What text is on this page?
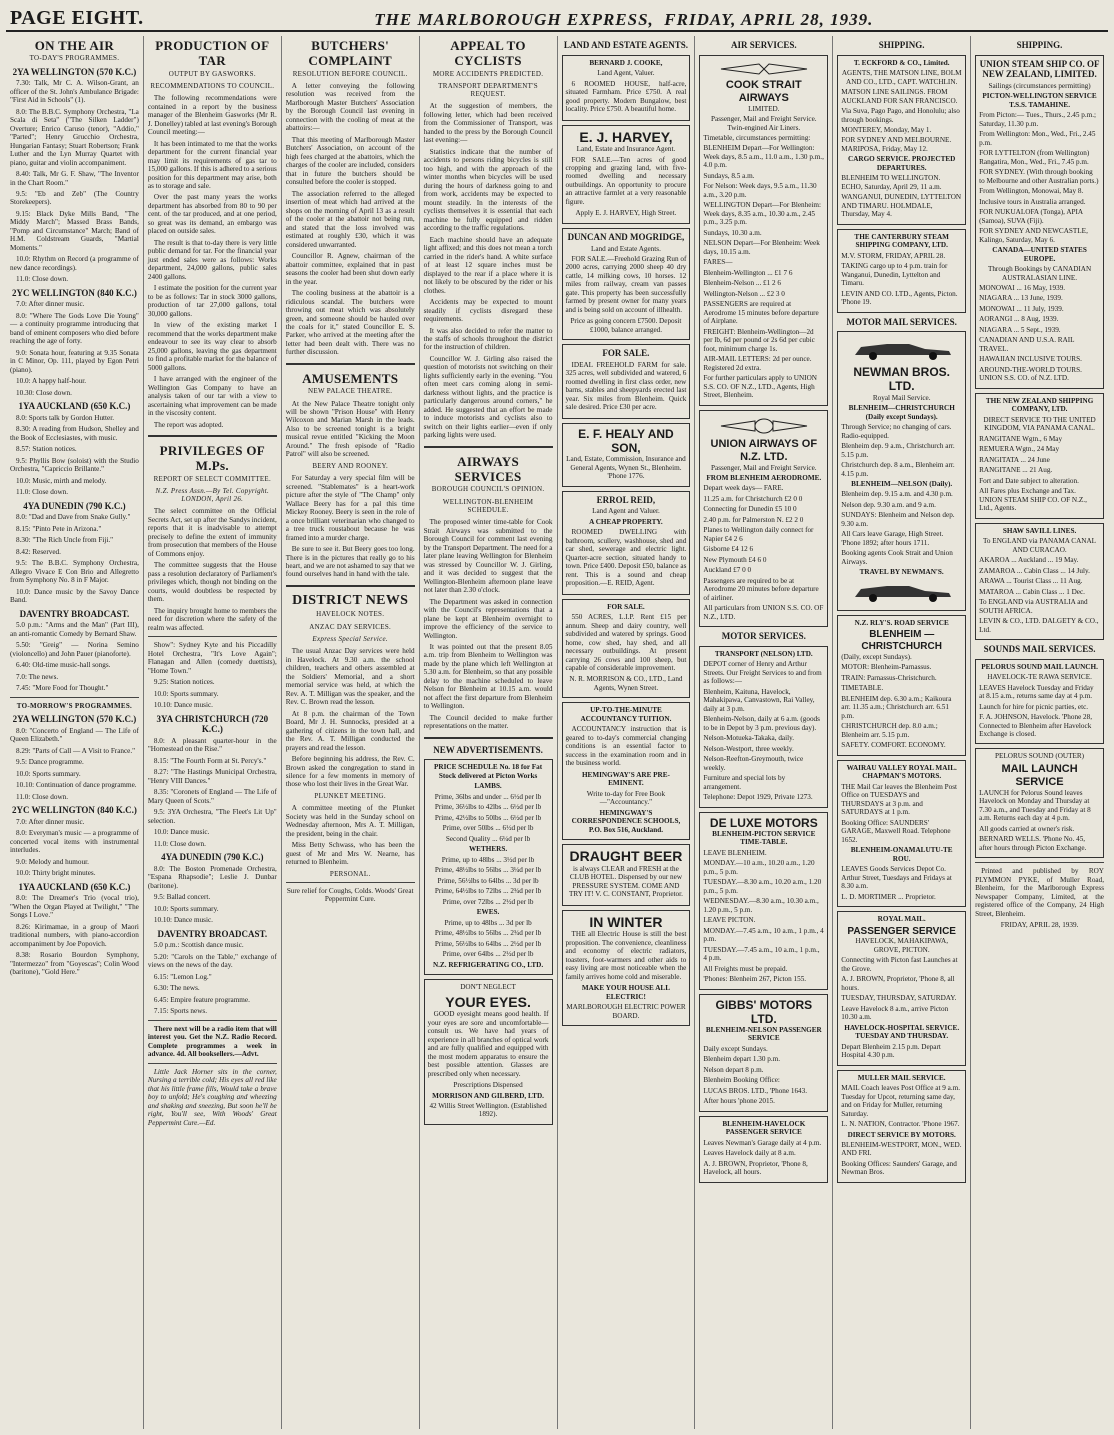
PAGE EIGHT.	THE MARLBOROUGH EXPRESS, FRIDAY, APRIL 28, 1939.
ON THE AIR
TO-DAY'S PROGRAMMES.
2YA WELLINGTON (570 K.C.)
7.30: Talk, Mr C. A. Wilson-Grant, an officer of the St. John's Ambulance Brigade: "First Aid in Schools" (1).
8.0: The B.B.C. Symphony Orchestra, "La Scala di Seta" ("The Silken Ladder") Overture; Enrico Caruso (tenor), "Addio," "Parted"; Henry Grucchio Orchestra, Hungarian Fantasy; Stuart Robertson; Frank Luther and the Lyn Murray Quartet with piano, guitar and violin accompaniment.
8.40: Talk, Mr G. F. Shaw, "The Inventor in the Chart Room."
9.5: "Eb and Zeb" (The Country Storekeepers).
9.15: Black Dyke Mills Band, "The Middy March"; Massed Brass Bands, "Pomp and Circumstance" March; Band of H.M. Coldstream Guards, "Martial Moments."
10.0: Rhythm on Record (a programme of new dance recordings).
11.0: Close down.
2YC WELLINGTON (840 K.C.)
7.0: After dinner music.
8.0: "Where The Gods Love Die Young" — a continuity programme introducing that band of eminent composers who died before reaching the age of forty.
9.0: Sonata hour, featuring at 9.35 Sonata in C Minor, Op. 111, played by Egon Petri (piano).
10.0: A happy half-hour.
10.30: Close down.
1YA AUCKLAND (650 K.C.)
8.0: Sports talk by Gordon Hutter.
8.30: A reading from Hudson, Shelley and the Book of Ecclesiastes, with music.
8.57: Station notices.
9.5: Phyllis Bow (soloist) with the Studio Orchestra, "Capriccio Brillante."
10.0: Music, mirth and melody.
11.0: Close down.
4YA DUNEDIN (790 K.C.)
8.0: "Dad and Dave from Snake Gully."
8.15: "Pinto Pete in Arizona."
8.30: "The Rich Uncle from Fiji."
8.42: Reserved.
9.5: The B.B.C. Symphony Orchestra, Allegro Vivace E Con Brio and Allegretto from Symphony No. 8 in F Major.
10.0: Dance music by the Savoy Dance Band.
DAVENTRY BROADCAST.
5.0 p.m.: "Arms and the Man" (Part III), an anti-romantic Comedy by Bernard Shaw.
5.50: "Greig" — Norina Semino (violoncello) and John Pauer (pianoforte).
6.40: Old-time music-hall songs.
7.0: The news.
7.45: "More Food for Thought."
TO-MORROW'S PROGRAMMES.
2YA WELLINGTON (570 K.C.)
8.0: "Concerto of England — The Life of Queen Elizabeth."
8.29: "Parts of Call — A Visit to France."
9.5: Dance programme.
10.0: Sports summary.
10.10: Continuation of dance programme.
11.0: Close down.
2YC WELLINGTON (840 K.C.)
7.0: After dinner music.
8.0: Everyman's music — a programme of concerted vocal items with instrumental interludes.
9.0: Melody and humour.
10.0: Thirty bright minutes.
1YA AUCKLAND (650 K.C.)
8.0: The Dreamer's Trio (vocal trio), "When the Organ Played at Twilight," "The Songs I Love."
8.26: Kirimamae, in a group of Maori traditional numbers, with piano-accordion accompaniment by Joe Popovich.
8.38: Rosario Bourdon Symphony, "Intermezzo" from "Goyescas"; Colin Wood (baritone), "Gold Here."
PRODUCTION OF TAR
OUTPUT BY GASWORKS.
RECOMMENDATIONS TO COUNCIL.
The following recommendations were contained in a report by the business manager of the Blenheim Gasworks (Mr R. J. Donelley) tabled at last evening's Borough Council meeting:—
It has been intimated to me that the works department for the current financial year may limit its requirements of gas tar to 15,000 gallons. If this is adhered to a serious position for this department may arise, both as to storage and sale.
Over the past many years the works department has absorbed from 80 to 90 per cent. of the tar produced, and at one period, so great was its demand, an embargo was placed on outside sales.
The result is that to-day there is very little public demand for tar. For the financial year just ended sales were as follows: Works department, 24,000 gallons, public sales 2400 gallons.
I estimate the position for the current year to be as follows: Tar in stock 3000 gallons, production of tar 27,000 gallons, total 30,000 gallons.
In view of the existing market I recommend that the works department make endeavour to see its way clear to absorb 25,000 gallons, leaving the gas department to find a profitable market for the balance of 5000 gallons.
I have arranged with the engineer of the Wellington Gas Company to have an analysis taken of our tar with a view to ascertaining what improvement can be made in the viscosity content.
The report was adopted.
PRIVILEGES OF M.Ps.
REPORT OF SELECT COMMITTEE.
N.Z. Press Assn.—By Tel. Copyright. LONDON, April 26.
The select committee on the Official Secrets Act, set up after the Sandys incident, reports that it is inadvisable to attempt precisely to define the extent of immunity from prosecution that members of the House of Commons enjoy.
The committee suggests that the House pass a resolution declaratory of Parliament's privileges which, though not binding on the courts, would doubtless be respected by them.
The inquiry brought home to members the need for discretion where the safety of the realm was affected.
Show": Sydney Kyte and his Piccadilly Hotel Orchestra, "It's Love Again"; Flanagan and Allen (comedy duettists), "Home Town."
9.25: Station notices.
10.0: Sports summary.
10.10: Dance music.
3YA CHRISTCHURCH (720 K.C.)
8.0: A pleasant quarter-hour in the "Homestead on the Rise."
8.15: "The Fourth Form at St. Percy's."
8.27: "The Hastings Municipal Orchestra, "Henry VIII Dances."
8.35: "Coronets of England — The Life of Mary Queen of Scots."
9.5: 3YA Orchestra, "The Fleet's Lit Up" selection.
10.0: Dance music.
11.0: Close down.
4YA DUNEDIN (790 K.C.)
8.0: The Boston Promenade Orchestra, "Espana Rhapsodie"; Leslie J. Dunbar (baritone).
9.5: Ballad concert.
10.0: Sports summary.
10.10: Dance music.
DAVENTRY BROADCAST.
5.0 p.m.: Scottish dance music.
5.20: "Carols on the Table," exchange of views on the news of the day.
6.15: "Lemon Log."
6.30: The news.
6.45: Empire feature programme.
7.15: Sports news.
There next will be a radio item that will interest you. Get the N.Z. Radio Record. Complete programmes a week in advance. 4d. All booksellers.—Advt.
Little Jack Horner sits in the corner, Nursing a terrible cold; His eyes all red like that his little frame fills, Would take a brave boy to unfold; He's coughing and wheezing and shaking and sneezing, But soon he'll be right, You'll see, With Woods' Great Peppermint Cure.—Ed.
BUTCHERS' COMPLAINT
RESOLUTION BEFORE COUNCIL.
A letter conveying the following resolution was received from the Marlborough Master Butchers' Association by the Borough Council last evening in connection with the cooling of meat at the abattoirs:—
That this meeting of Marlborough Master Butchers' Association, on account of the high fees charged at the abattoirs, which the charges of the cooler are included, considers that in future the butchers should be consulted before the cooler is stopped.
The association referred to the alleged insertion of meat which had arrived at the shops on the morning of April 13 as a result of the cooler at the abattoir not being run, and stated that the loss involved was estimated at roughly £30, which it was considered unwarranted.
Councillor R. Agnew, chairman of the abattoir committee, explained that in past seasons the cooler had been shut down early in the year.
The cooling business at the abattoir is a ridiculous scandal. The butchers were throwing out meat which was absolutely green, and someone should be hauled over the coals for it," stated Councillor E. S. Parker, who arrived at the meeting after the letter had been dealt with. There was no further discussion.
AMUSEMENTS
NEW PALACE THEATRE.
At the New Palace Theatre tonight only will be shown "Prison House" with Henry Wilcoxon and Marian Marsh in the leads. Also to be screened tonight is a bright musical revue entitled "Kicking the Moon Around." The fresh episode of "Radio Patrol" will also be screened.
BEERY AND ROONEY.
For Saturday a very special film will be screened. "Stablemates" is a heart-work picture after the style of "The Champ" only Wallace Beery has for a pal this time Mickey Rooney. Beery is seen in the role of a once brilliant veterinarian who changed to a tree truck roustabout because he was framed into a murder charge.
Be sure to see it. But Beery goes too long. There is in the pictures that really go to his heart, and we are not ashamed to say that we found ourselves hand in hand with the tale.
DISTRICT NEWS
HAVELOCK NOTES.
ANZAC DAY SERVICES.
Express Special Service.
The usual Anzac Day services were held in Havelock. At 9.30 a.m. the school children, teachers and others assembled at the Soldiers' Memorial, and a short memorial service was held, at which the Rev. A. T. Milligan was the speaker, and the Rev. C. Brown read the lesson.
At 8 p.m. the chairman of the Town Board, Mr J. H. Sunnocks, presided at a gathering of citizens in the town hall, and the Rev. A. T. Milligan conducted the prayers and read the lesson.
Before beginning his address, the Rev. C. Brown asked the congregation to stand in silence for a few moments in memory of those who lost their lives in the Great War.
PLUNKET MEETING.
A committee meeting of the Plunket Society was held in the Sunday school on Wednesday afternoon, Mrs A. T. Milligan, the president, being in the chair.
Miss Betty Schwass, who has been the guest of Mr and Mrs W. Nearne, has returned to Blenheim.
PERSONAL.
Sure relief for Coughs, Colds. Woods' Great Peppermint Cure.
APPEAL TO CYCLISTS
MORE ACCIDENTS PREDICTED.
TRANSPORT DEPARTMENT'S REQUEST.
At the suggestion of members, the following letter, which had been received from the Commissioner of Transport, was handed to the press by the Borough Council last evening:—
Statistics indicate that the number of accidents to persons riding bicycles is still too high, and with the approach of the winter months when bicycles will be used during the hours of darkness going to and from work, accidents may be expected to mount steadily. In the interests of the cyclists themselves it is essential that each machine be fully equipped and ridden according to the traffic regulations.
Each machine should have an adequate light affixed; and this does not mean a torch carried in the rider's hand. A white surface of at least 12 square inches must be displayed to the rear if a place where it is not likely to be obscured by the rider or his clothes.
Accidents may be expected to mount steadily if cyclists disregard these requirements.
It was also decided to refer the matter to the staffs of schools throughout the district for the instruction of children.
Councillor W. J. Girling also raised the question of motorists not switching on their lights sufficiently early in the evening. "You often meet cars coming along in semi-darkness without lights, and the practice is particularly dangerous around corners," he added. He suggested that an effort be made to induce motorists and cyclists also to switch on their lights earlier—even if only parking lights were used.
AIRWAYS SERVICES
BOROUGH COUNCIL'S OPINION.
WELLINGTON-BLENHEIM SCHEDULE.
The proposed winter time-table for Cook Strait Airways was submitted to the Borough Council for comment last evening by the Transport Department. The need for a later plane leaving Wellington for Blenheim was stressed by Councillor W. J. Girling, and it was decided to suggest that the Wellington-Blenheim afternoon plane leave not later than 2.30 o'clock.
The Department was asked in connection with the Council's representations that a plane be kept at Blenheim overnight to improve the efficiency of the service to Wellington.
It was pointed out that the present 8.05 a.m. trip from Blenheim to Wellington was made by the plane which left Wellington at 5.30 a.m. for Blenheim, so that any possible delay to the machine scheduled to leave Nelson for Blenheim at 10.15 a.m. would not affect the first departure from Blenheim to Wellington.
The Council decided to make further representations on the matter.
NEW ADVERTISEMENTS.
PRICE SCHEDULE No. 18 for Fat Stock delivered at Picton Works
LAMBS.
Prime, 36lbs and under ... 6½d per lb
Prime, 36½lbs to 42lbs ... 6½d per lb
Prime, 42½lbs to 50lbs ... 6½d per lb
Prime, over 50lbs ... 6½d per lb
Second Quality ... 6¼d per lb
WETHERS.
Prime, up to 48lbs ... 3½d per lb
Prime, 48½lbs to 56lbs ... 3¼d per lb
Prime, 56½lbs to 64lbs ... 3d per lb
Prime, 64½lbs to 72lbs ... 2¾d per lb
Prime, over 72lbs ... 2½d per lb
EWES.
Prime, up to 48lbs ... 3d per lb
Prime, 48½lbs to 56lbs ... 2¾d per lb
Prime, 56½lbs to 64lbs ... 2½d per lb
Prime, over 64lbs ... 2½d per lb
N.Z. REFRIGERATING CO., LTD.
DON'T NEGLECT
YOUR EYES.
GOOD eyesight means good health. If your eyes are sore and uncomfortable—consult us. We have had years of experience in all branches of optical work and are fully qualified and equipped with the most modern apparatus to ensure the best possible attention. Glasses are prescribed only when necessary.
Prescriptions Dispensed
MORRISON AND GILBERD, LTD.
42 Willis Street Wellington. (Established 1892).
LAND AND ESTATE AGENTS.
BERNARD J. COOKE,
Land Agent, Valuer.
6 ROOMED HOUSE, half-acre, situated Farmham. Price £750. A real good property. Modern Bungalow, best locality. Price £750. A beautiful home.
E. J. HARVEY,
Land, Estate and Insurance Agent.
FOR SALE.—Ten acres of good cropping and grazing land, with five-roomed dwelling and necessary outbuildings. An opportunity to procure an attractive farmlet at a very reasonable figure.
Apply E. J. HARVEY, High Street.
DUNCAN AND MOGRIDGE,
Land and Estate Agents.
FOR SALE.—Freehold Grazing Run of 2000 acres, carrying 2000 sheep 40 dry cattle, 14 milking cows, 10 horses. 12 miles from railway, cream van passes gate. This property has been successfully farmed by present owner for many years and is being sold on account of illhealth.
Price as going concern £7500. Deposit £1000, balance arranged.
FOR SALE.
IDEAL FREEHOLD FARM for sale. 325 acres, well subdivided and watered, 6 roomed dwelling in first class order, new barns, stables and sheepyards erected last year. Six miles from Blenheim. Quick sale desired. Price £30 per acre.
E. F. HEALY AND SON,
Land, Estate, Commission, Insurance and General Agents, Wynen St., Blenheim. 'Phone 1776.
ERROL REID,
Land Agent and Valuer.
A CHEAP PROPERTY.
ROOMED DWELLING with bathroom, scullery, washhouse, shed and car shed, sewerage and electric light. Quarter-acre section, situated handy to town. Price £400. Deposit £50, balance as rent. This is a sound and cheap proposition.—E. REID, Agent.
FOR SALE.
550 ACRES, L.I.P. Rent £15 per annum. Sheep and dairy country, well subdivided and watered by springs. Good home, cow shed, hay shed, and all necessary outbuildings. At present carrying 26 cows and 100 sheep, but capable of considerable improvement.
N. R. MORRISON & CO., LTD., Land Agents, Wynen Street.
UP-TO-THE-MINUTE ACCOUNTANCY TUITION.
ACCOUNTANCY instruction that is geared to to-day's commercial changing conditions is an essential factor to success in the examination room and in the business world.
HEMINGWAY'S ARE PRE-EMINENT.
Write to-day for Free Book—"Accountancy."
HEMINGWAY'S CORRESPONDENCE SCHOOLS, P.O. Box 516, Auckland.
DRAUGHT BEER
is always CLEAR and FRESH at the CLUB HOTEL. Dispensed by our new PRESSURE SYSTEM. COME AND TRY IT! V. C. CONSTANT, Proprietor.
IN WINTER
THE all Electric House is still the best proposition. The convenience, cleanliness and economy of electric radiators, toasters, foot-warmers and other aids to easy living are most noticeable when the family arrives home cold and miserable.
MAKE YOUR HOUSE ALL ELECTRIC!
MARLBOROUGH ELECTRIC POWER BOARD.
AIR SERVICES.
COOK STRAIT AIRWAYS
LIMITED.
Passenger, Mail and Freight Service. Twin-engined Air Liners.
Timetable, circumstances permitting:
BLENHEIM Depart—For Wellington: Week days, 8.5 a.m., 11.0 a.m., 1.30 p.m., 4.0 p.m.
Sundays, 8.5 a.m.
For Nelson: Week days, 9.5 a.m., 11.30 a.m., 3.20 p.m.
WELLINGTON Depart—For Blenheim: Week days, 8.35 a.m., 10.30 a.m., 2.45 p.m., 3.25 p.m.
Sundays, 10.30 a.m.
NELSON Depart—For Blenheim: Week days, 10.15 a.m.
FARES—
Blenheim-Wellington ... £1 7 6
Blenheim-Nelson ... £1 2 6
Wellington-Nelson ... £2 3 0
PASSENGERS are required at Aerodrome 15 minutes before departure of Airplane.
FREIGHT: Blenheim-Wellington—2d per lb, 6d per pound or 2s 6d per cubic foot, minimum charge 1s.
AIR-MAIL LETTERS: 2d per ounce. Registered 2d extra.
For further particulars apply to UNION S.S. CO. OF N.Z., LTD., Agents, High Street, Blenheim.
UNION AIRWAYS OF N.Z. LTD.
Passenger, Mail and Freight Service.
FROM BLENHEIM AERODROME.
Depart week days— FARE.
11.25 a.m. for Christchurch £2 0 0
Connecting for Dunedin £5 10 0
2.40 p.m. for Palmerston N. £2 2 0
Planes to Wellington daily connect for Napier £4 2 6
Gisborne £4 12 6
New Plymouth £4 6 0
Auckland £7 0 0
Passengers are required to be at Aerodrome 20 minutes before departure of airliner.
All particulars from UNION S.S. CO. OF N.Z., LTD.
MOTOR SERVICES.
TRANSPORT (NELSON) LTD.
DEPOT corner of Henry and Arthur Streets. Our Freight Services to and from as follows:—
Blenheim, Kaituna, Havelock, Mahakipawa, Canvastown, Rai Valley, daily at 3 p.m.
Blenheim-Nelson, daily at 6 a.m. (goods to be in Depot by 3 p.m. previous day).
Nelson-Motueka-Takaka, daily.
Nelson-Westport, three weekly.
Nelson-Reefton-Greymouth, twice weekly.
Furniture and special lots by arrangement.
Telephone: Depot 1929, Private 1273.
DE LUXE MOTORS
BLENHEIM-PICTON SERVICE TIME-TABLE.
LEAVE BLENHEIM.
MONDAY.—10 a.m., 10.20 a.m., 1.20 p.m., 5 p.m.
TUESDAY.—8.30 a.m., 10.20 a.m., 1.20 p.m., 5 p.m.
WEDNESDAY.—8.30 a.m., 10.30 a.m., 1.20 p.m., 5 p.m.
LEAVE PICTON.
MONDAY.—7.45 a.m., 10 a.m., 1 p.m., 4 p.m.
TUESDAY.—7.45 a.m., 10 a.m., 1 p.m., 4 p.m.
All Freights must be prepaid.
'Phones: Blenheim 267, Picton 155.
GIBBS' MOTORS LTD.
BLENHEIM-NELSON PASSENGER SERVICE
Daily except Sundays.
Blenheim depart 1.30 p.m.
Nelson depart 8 p.m.
Blenheim Booking Office:
LUCAS BROS. LTD., 'Phone 1643.
After hours 'phone 2015.
BLENHEIM-HAVELOCK PASSENGER SERVICE
Leaves Newman's Garage daily at 4 p.m.
Leaves Havelock daily at 8 a.m.
A. J. BROWN, Proprietor, 'Phone 8, Havelock, all hours.
SHIPPING.
T. ECKFORD & CO., Limited.
AGENTS, THE MATSON LINE, BOLM AND CO., LTD., CAPT. WATCHLIN.
MATSON LINE SAILINGS. FROM AUCKLAND FOR SAN FRANCISCO.
Via Suva, Pago Pago, and Honolulu; also through bookings.
MONTEREY, Monday, May 1.
FOR SYDNEY AND MELBOURNE. MARIPOSA, Friday, May 12.
CARGO SERVICE. PROJECTED DEPARTURES.
BLENHEIM TO WELLINGTON. ECHO, Saturday, April 29, 11 a.m.
WANGANUI, DUNEDIN, LYTTELTON AND TIMARU. HOLMDALE, Thursday, May 4.
THE CANTERBURY STEAM SHIPPING COMPANY, LTD.
M.V. STORM, FRIDAY, APRIL 28.
TAKING cargo up to 4 p.m. train for Wanganui, Dunedin, Lyttelton and Timaru.
LEVIN AND CO. LTD., Agents, Picton. 'Phone 19.
MOTOR MAIL SERVICES.
NEWMAN BROS. LTD.
Royal Mail Service.
BLENHEIM—CHRISTCHURCH (Daily except Sundays).
Through Service; no changing of cars. Radio-equipped.
Blenheim dep. 9 a.m., Christchurch arr. 5.15 p.m.
Christchurch dep. 8 a.m., Blenheim arr. 4.15 p.m.
BLENHEIM—NELSON (Daily).
Blenheim dep. 9.15 a.m. and 4.30 p.m.
Nelson dep. 9.30 a.m. and 9 a.m.
SUNDAYS: Blenheim and Nelson dep. 9.30 a.m.
All Cars leave Garage, High Street. 'Phone 1892; after hours 1711.
Booking agents Cook Strait and Union Airways.
TRAVEL BY NEWMAN'S.
N.Z. RLY'S. ROAD SERVICE
BLENHEIM — CHRISTCHURCH
(Daily, except Sundays).
MOTOR: Blenheim-Parnassus.
TRAIN: Parnassus-Christchurch.
TIMETABLE.
BLENHEIM dep. 6.30 a.m.; Kaikoura arr. 11.35 a.m.; Christchurch arr. 6.51 p.m.
CHRISTCHURCH dep. 8.0 a.m.; Blenheim arr. 5.15 p.m.
SAFETY. COMFORT. ECONOMY.
WAIRAU VALLEY ROYAL MAIL. CHAPMAN'S MOTORS.
THE Mail Car leaves the Blenheim Post Office on TUESDAYS and THURSDAYS at 3 p.m. and SATURDAYS at 1 p.m.
Booking Office: SAUNDERS' GARAGE, Maxwell Road. Telephone 1652.
BLENHEIM-ONAMALUTU-TE ROU.
LEAVES Goods Services Depot Co. Arthur Street, Tuesdays and Fridays at 8.30 a.m.
L. D. MORTIMER ... Proprietor.
ROYAL MAIL.
PASSENGER SERVICE
HAVELOCK, MAHAKIPAWA, GROVE, PICTON.
Connecting with Picton fast Launches at the Grove.
A. J. BROWN, Proprietor, 'Phone 8, all hours.
TUESDAY, THURSDAY, SATURDAY.
Leave Havelock 8 a.m., arrive Picton 10.30 a.m.
HAVELOCK-HOSPITAL SERVICE. TUESDAY AND THURSDAY.
Depart Blenheim 2.15 p.m. Depart Hospital 4.30 p.m.
MULLER MAIL SERVICE.
MAIL Coach leaves Post Office at 9 a.m. Tuesday for Upcot, returning same day, and on Friday for Muller, returning Saturday.
L. N. NATION, Contractor. 'Phone 1967.
DIRECT SERVICE BY MOTORS.
BLENHEIM-WESTPORT, MON., WED. AND FRI.
Booking Offices: Saunders' Garage, and Newman Bros.
SHIPPING.
UNION STEAM SHIP CO. OF NEW ZEALAND, LIMITED.
Sailings (circumstances permitting)
PICTON-WELLINGTON SERVICE T.S.S. TAMAHINE.
From Picton:— Tues., Thurs., 2.45 p.m.; Saturday, 11.30 p.m.
From Wellington: Mon., Wed., Fri., 2.45 p.m.
FOR LYTTELTON (from Wellington) Rangatira, Mon., Wed., Fri., 7.45 p.m.
FOR SYDNEY. (With through booking to Melbourne and other Australian ports.)
From Wellington, Monowai, May 8.
Inclusive tours in Australia arranged.
FOR NUKUALOFA (Tonga), APIA (Samoa), SUVA (Fiji).
FOR SYDNEY AND NEWCASTLE, Kalingo, Saturday, May 6.
CANADA—UNITED STATES EUROPE.
Through Bookings by CANADIAN AUSTRALASIAN LINE.
MONOWAI ... 16 May, 1939.
NIAGARA ... 13 June, 1939.
MONOWAI ... 11 July, 1939.
AORANGI ... 8 Aug, 1939.
NIAGARA ... 5 Sept., 1939.
CANADIAN AND U.S.A. RAIL TRAVEL.
HAWAIIAN INCLUSIVE TOURS.
AROUND-THE-WORLD TOURS. UNION S.S. CO. of N.Z. LTD.
THE NEW ZEALAND SHIPPING COMPANY, LTD.
DIRECT SERVICE TO THE UNITED KINGDOM, VIA PANAMA CANAL.
RANGITANE Wgtn., 6 May
REMUERA Wgtn., 24 May
RANGITATA ... 24 June
RANGITANE ... 21 Aug.
Fort and Date subject to alteration.
All Fares plus Exchange and Tax. UNION STEAM SHIP CO. OF N.Z., Ltd., Agents.
SHAW SAVILL LINES.
To ENGLAND via PANAMA CANAL AND CURACAO.
AKAROA ... Auckland ... 19 May.
ZAMAROA ... Cabin Class ... 14 July.
ARAWA ... Tourist Class ... 11 Aug.
MATAROA ... Cabin Class ... 1 Dec.
To ENGLAND via AUSTRALIA and SOUTH AFRICA.
LEVIN & CO., LTD. DALGETY & CO., Ltd.
SOUNDS MAIL SERVICES.
PELORUS SOUND MAIL LAUNCH.
HAVELOCK-TE RAWA SERVICE.
LEAVES Havelock Tuesday and Friday at 8.15 a.m., returns same day at 4 p.m.
Launch for hire for picnic parties, etc.
F. A. JOHNSON, Havelock. 'Phone 28, Connected to Blenheim after Havelock Exchange is closed.
PELORUS SOUND (OUTER)
MAIL LAUNCH SERVICE
LAUNCH for Pelorus Sound leaves Havelock on Monday and Thursday at 7.30 a.m., and Tuesday and Friday at 8 a.m. Returns each day at 4 p.m.
All goods carried at owner's risk.
BERNARD WELLS. 'Phone No. 45, after hours through Picton Exchange.
Printed and published by ROY PLYMMON PYKE, of Muller Road, Blenheim, for the Marlborough Express Newspaper Company, Limited, at the registered office of the Company, 24 High Street, Blenheim.
FRIDAY, APRIL 28, 1939.
